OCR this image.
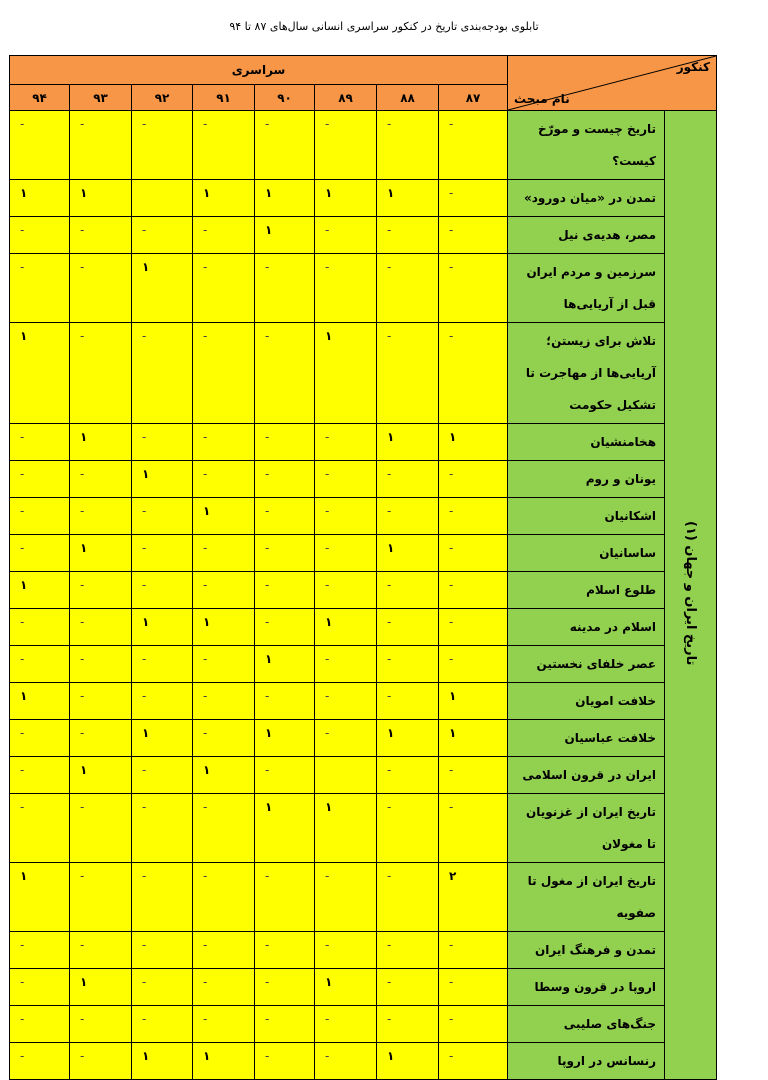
تابلوی بودجه‌بندی تاریخ در کنکور سراسری انسانی سال‌های ۸۷ تا ۹۴
کنکور
نام مبحث		سراسری							
		۸۷	۸۸	۸۹	۹۰	۹۱	۹۲	۹۳	۹۴
تاریخ ایران و جهان (۱)	تاریخ چیست و مورّخ کیست؟	-	-	-	-	-	-	-	-
	تمدن در «میان دورود»	-	۱	۱	۱	۱		۱	۱
	مصر، هدیه‌ی نیل	-	-	-	۱	-	-	-	-
	سرزمین و مردم ایران قبل از آریایی‌ها	-	-	-	-	-	۱	-	-
	تلاش برای زیستن؛ آریایی‌ها از مهاجرت تا تشکیل حکومت	-	-	۱	-	-	-	-	۱
	هخامنشیان	۱	۱	-	-	-	-	۱	-
	یونان و روم	-	-	-	-	-	۱	-	-
	اشکانیان	-	-	-	-	۱	-	-	-
	ساسانیان	-	۱	-	-	-	-	۱	-
	طلوع اسلام	-	-	-	-	-	-	-	۱
	اسلام در مدینه	-	-	۱	-	۱	۱	-	-
	عصر خلفای نخستین	-	-	-	۱	-	-	-	-
	خلافت امویان	۱	-	-	-	-	-	-	۱
	خلافت عباسیان	۱	۱	-	۱	-	۱	-	-
	ایران در قرون اسلامی	-	-		-	۱	-	۱	-
	تاریخ ایران از غزنویان تا مغولان	-	-	۱	۱	-	-	-	-
	تاریخ ایران از مغول تا صفویه	۲	-	-	-	-	-	-	۱
	تمدن و فرهنگ ایران	-	-	-	-	-	-	-	-
	اروپا در قرون وسطا	-	-	۱	-	-	-	۱	-
	جنگ‌های صلیبی	-	-	-	-	-	-	-	-
	رنسانس در اروپا	-	۱	-	-	۱	۱	-	-
